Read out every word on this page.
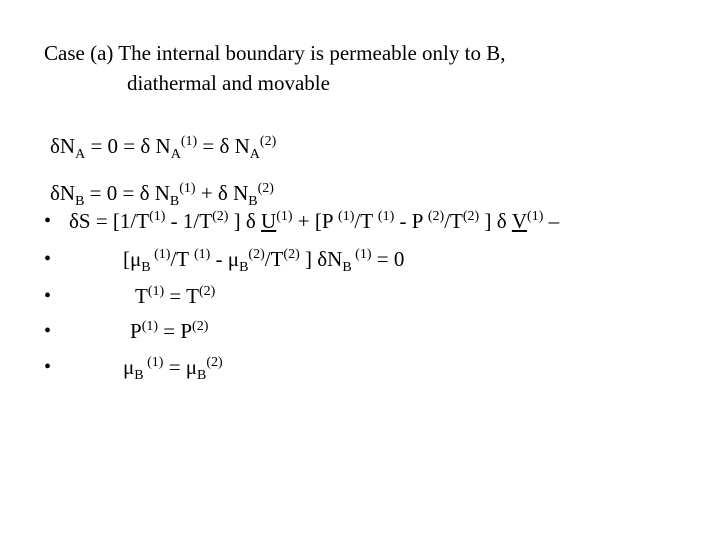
Case (a) The internal boundary is permeable only to B,
diathermal and movable
$\delta N_A = 0 = \delta$ $N_A^{(1)} = \delta$ $N_A^{(2)}$
$\delta N_B = 0 = \delta$ $N_B^{(1)} + \delta$ $N_B^{(2)}$
•
•
•
•
•
$\delta S = [1/T^{(1)} - 1/T^{(2)}$ ] δ $U^{(1)} + [P$ $^{(1)}$/T $^{(1)}$ - P $^{(2)}/T^{(2)}$ ] δ $V^{(1)}$ –
[$\mu_B$ $^{(1)}$/T $^{(1)} - \mu_B^{(2)}/T^{(2)}$ ] $\delta N_B$ $^{(1)}$ = 0
$T^{(1)} = T^{(2)}$
$P^{(1)} = P^{(2)}$
$\mu_B$ $^{(1)} = \mu_B^{(2)}$
